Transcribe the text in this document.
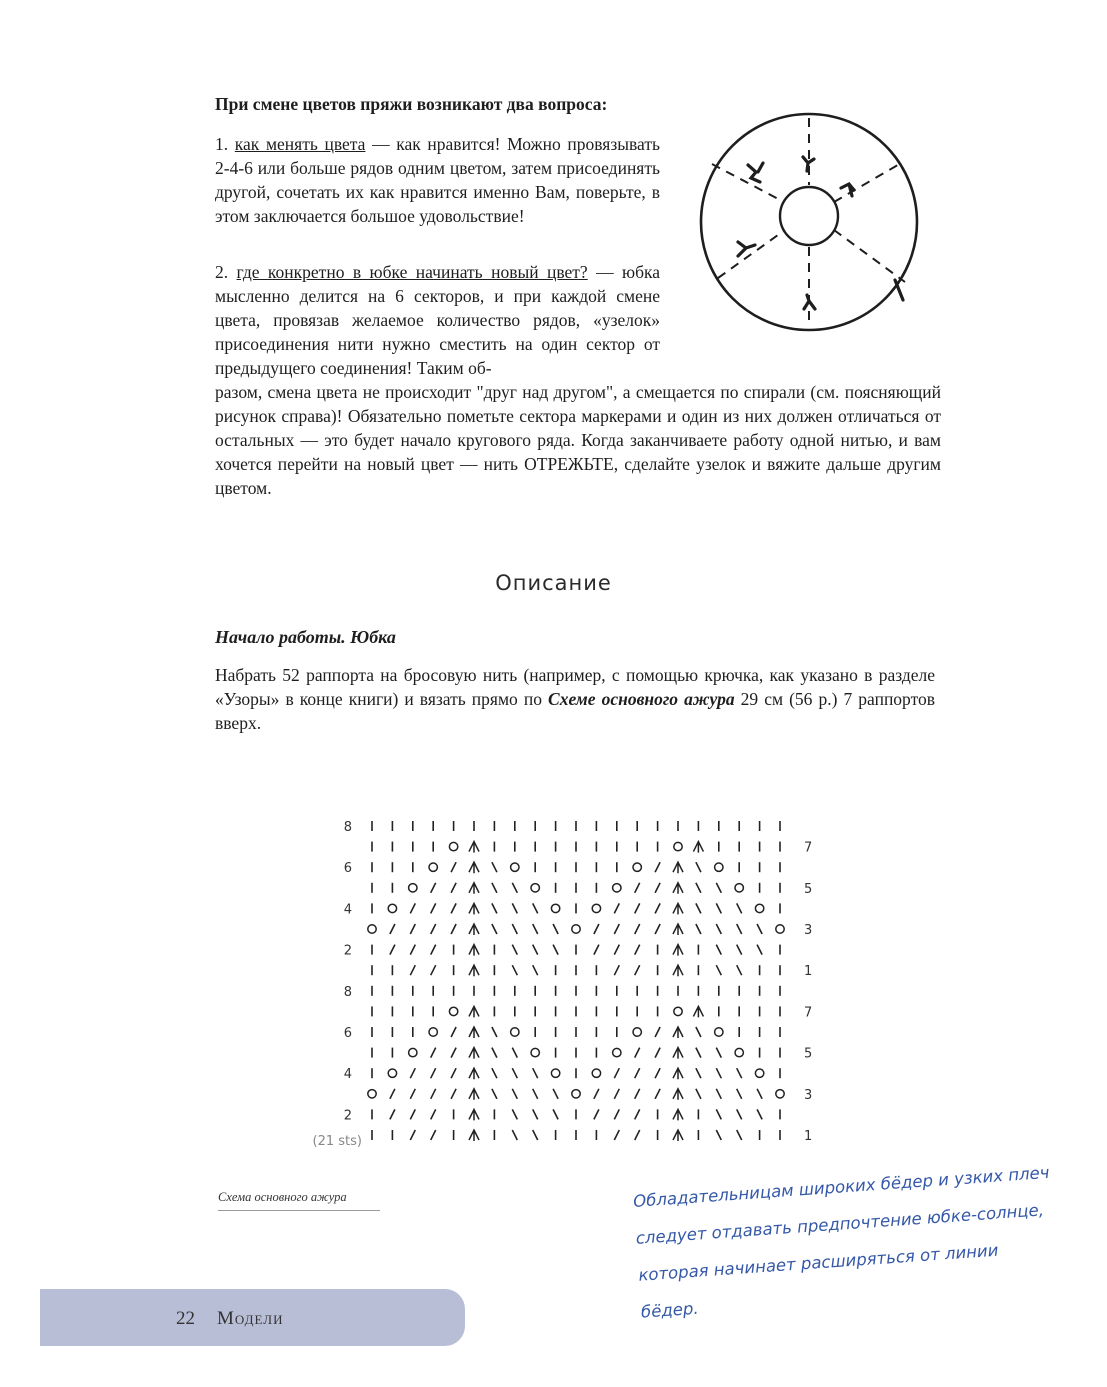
При смене цветов пряжи возникают два вопроса:

1. как менять цвета — как нравится! Можно провязывать 2-4-6 или больше рядов одним цветом, затем присоединять другой, сочетать их как нравится именно Вам, поверьте, в этом заключается большое удовольствие!

2. где конкретно в юбке начинать новый цвет? — юбка мысленно делится на 6 секторов, и при каждой смене цвета, провязав желаемое количество рядов, «узелок» присоединения нити нужно сместить на один сектор от предыдущего соединения! Таким об-

разом, смена цвета не происходит "друг над другом", а смещается по спирали (см. поясняющий рисунок справа)! Обязательно пометьте сектора маркерами и один из них должен отличаться от остальных — это будет начало кругового ряда. Когда заканчиваете работу одной нитью, и вам хочется перейти на новый цвет — нить ОТРЕЖЬТЕ, сделайте узелок и вяжите дальше другим цветом.

Описание
Начало работы. Юбка

Набрать 52 раппорта на бросовую нить (например, с помощью крючка, как указано в разделе «Узоры» в конце книги) и вязать прямо по Схеме основного ажура 29 см (56 р.) 7 раппортов вверх.

8
6
4
2
8
6
4
2
7
5
3
1
7
5
3
1
(21 sts)

Схема основного ажура	Обладательницам широких бёдер и узких плеч следует отдавать предпочтение юбке-солнце, которая начинает расширяться от линии бёдер.

22 Модели
